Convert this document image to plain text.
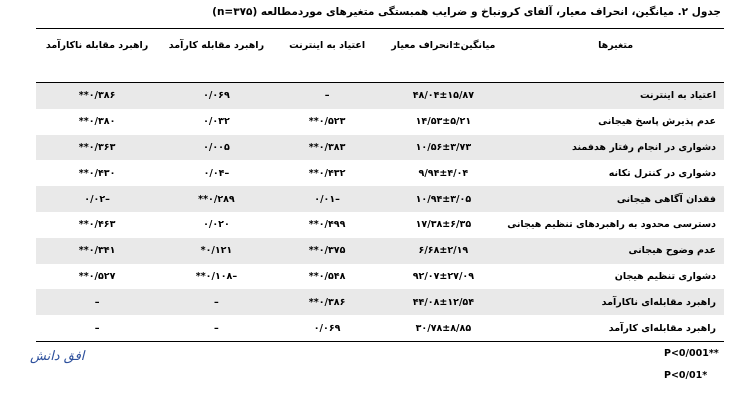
جدول ۲. میانگین، انحراف معیار، آلفای کرونباخ و ضرایب همبستگی متغیرهای موردمطالعه (n=۳۷۵)
متغیرها	میانگین±انحراف معیار	اعتیاد به اینترنت	راهبرد مقابله کارآمد	راهبرد مقابله ناکارآمد
اعتیاد به اینترنت	۴۸/۰۴±۱۵/۸۷	–	۰/۰۶۹	۰/۳۸۶**
عدم پذیرش پاسخ هیجانی	۱۴/۵۳±۵/۲۱	۰/۵۲۳**	۰/۰۳۲	۰/۳۸۰**
دشواری در انجام رفتار هدفمند	۱۰/۵۶±۳/۷۳	۰/۳۸۳**	۰/۰۰۵	۰/۳۶۳**
دشواری در کنترل تکانه	۹/۹۴±۴/۰۴	۰/۴۳۲**	–۰/۰۴	۰/۴۳۰**
فقدان آگاهی هیجانی	۱۰/۹۴±۳/۰۵	–۰/۰۱	۰/۲۸۹**	–۰/۰۲
دسترسی محدود به راهبردهای تنظیم هیجانی	۱۷/۳۸±۶/۳۵	۰/۴۹۹**	۰/۰۲۰	۰/۴۶۳**
عدم وضوح هیجانی	۶/۶۸±۲/۱۹	۰/۳۷۵**	۰/۱۲۱*	۰/۳۴۱**
دشواری تنظیم هیجان	۹۲/۰۷±۲۷/۰۹	۰/۵۴۸**	–۰/۱۰۸**	۰/۵۲۷**
راهبرد مقابله‌ای ناکارآمد	۴۴/۰۸±۱۲/۵۴	۰/۳۸۶**	–	–
راهبرد مقابله‌ای کارآمد	۳۰/۷۸±۸/۸۵	۰/۰۶۹	–	–
افق دانش	P<0/001**
P<0/01*
